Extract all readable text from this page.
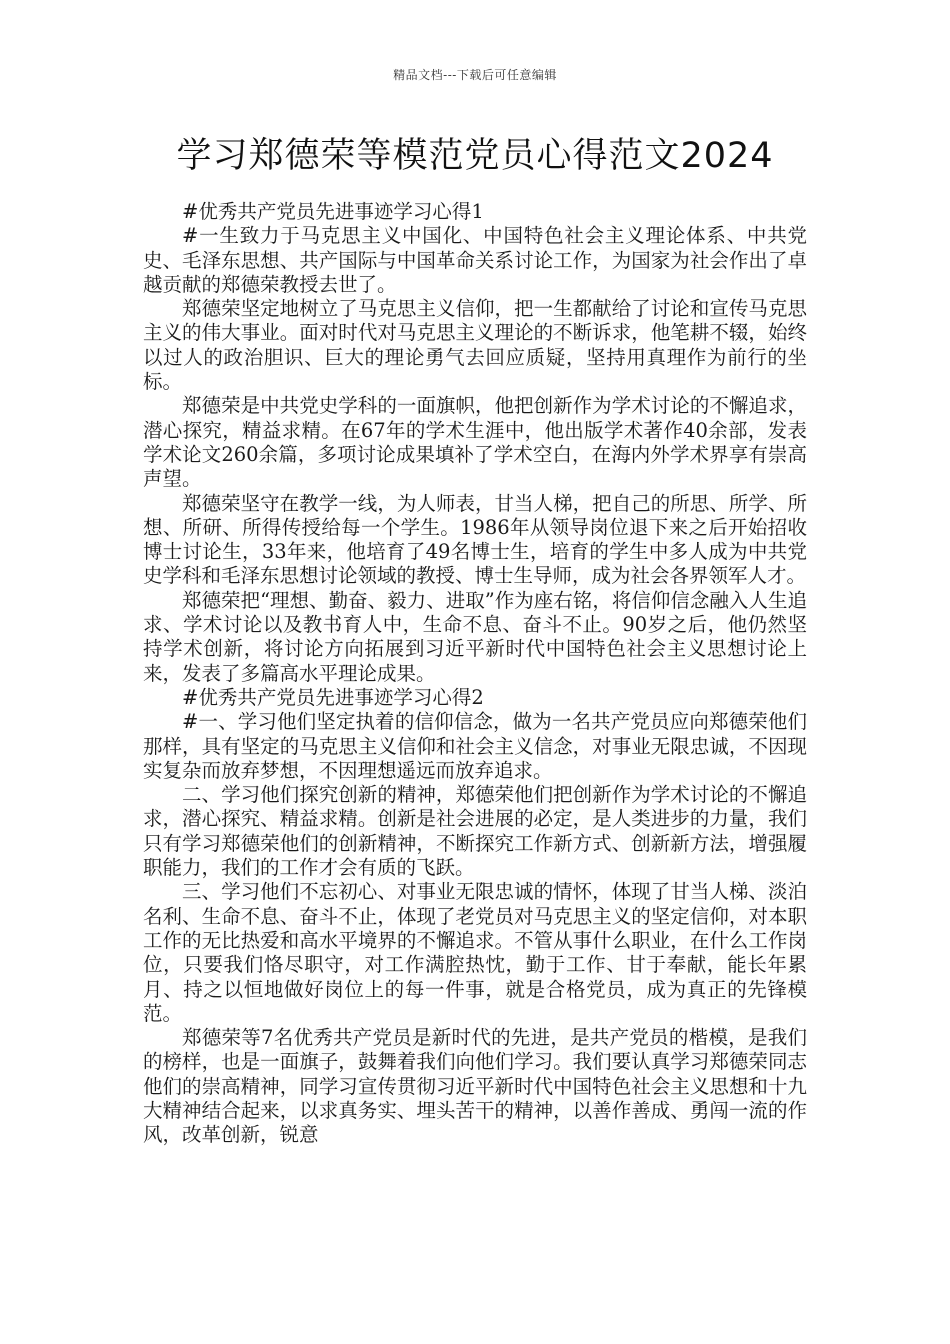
精品文档---下载后可任意编辑
学习郑德荣等模范党员心得范文2024

#优秀共产党员先进事迹学习心得1

#一生致力于马克思主义中国化、中国特色社会主义理论体系、中共党史、毛泽东思想、共产国际与中国革命关系讨论工作，为国家为社会作出了卓越贡献的郑德荣教授去世了。

郑德荣坚定地树立了马克思主义信仰，把一生都献给了讨论和宣传马克思主义的伟大事业。面对时代对马克思主义理论的不断诉求，他笔耕不辍，始终以过人的政治胆识、巨大的理论勇气去回应质疑，坚持用真理作为前行的坐标。

郑德荣是中共党史学科的一面旗帜，他把创新作为学术讨论的不懈追求，潜心探究，精益求精。在67年的学术生涯中，他出版学术著作40余部，发表学术论文260余篇，多项讨论成果填补了学术空白，在海内外学术界享有崇高声望。

郑德荣坚守在教学一线，为人师表，甘当人梯，把自己的所思、所学、所想、所研、所得传授给每一个学生。1986年从领导岗位退下来之后开始招收博士讨论生，33年来，他培育了49名博士生，培育的学生中多人成为中共党史学科和毛泽东思想讨论领域的教授、博士生导师，成为社会各界领军人才。

郑德荣把“理想、勤奋、毅力、进取”作为座右铭，将信仰信念融入人生追求、学术讨论以及教书育人中，生命不息、奋斗不止。90岁之后，他仍然坚持学术创新，将讨论方向拓展到习近平新时代中国特色社会主义思想讨论上来，发表了多篇高水平理论成果。

#优秀共产党员先进事迹学习心得2

#一、学习他们坚定执着的信仰信念，做为一名共产党员应向郑德荣他们那样，具有坚定的马克思主义信仰和社会主义信念，对事业无限忠诚，不因现实复杂而放弃梦想，不因理想遥远而放弃追求。

二、学习他们探究创新的精神，郑德荣他们把创新作为学术讨论的不懈追求，潜心探究、精益求精。创新是社会进展的必定，是人类进步的力量，我们只有学习郑德荣他们的创新精神，不断探究工作新方式、创新新方法，增强履职能力，我们的工作才会有质的飞跃。

三、学习他们不忘初心、对事业无限忠诚的情怀，体现了甘当人梯、淡泊名利、生命不息、奋斗不止，体现了老党员对马克思主义的坚定信仰，对本职工作的无比热爱和高水平境界的不懈追求。不管从事什么职业，在什么工作岗位，只要我们恪尽职守，对工作满腔热忱，勤于工作、甘于奉献，能长年累月、持之以恒地做好岗位上的每一件事，就是合格党员，成为真正的先锋模范。

郑德荣等7名优秀共产党员是新时代的先进，是共产党员的楷模，是我们的榜样，也是一面旗子，鼓舞着我们向他们学习。我们要认真学习郑德荣同志他们的崇高精神，同学习宣传贯彻习近平新时代中国特色社会主义思想和十九大精神结合起来，以求真务实、埋头苦干的精神，以善作善成、勇闯一流的作风，改革创新，锐意
